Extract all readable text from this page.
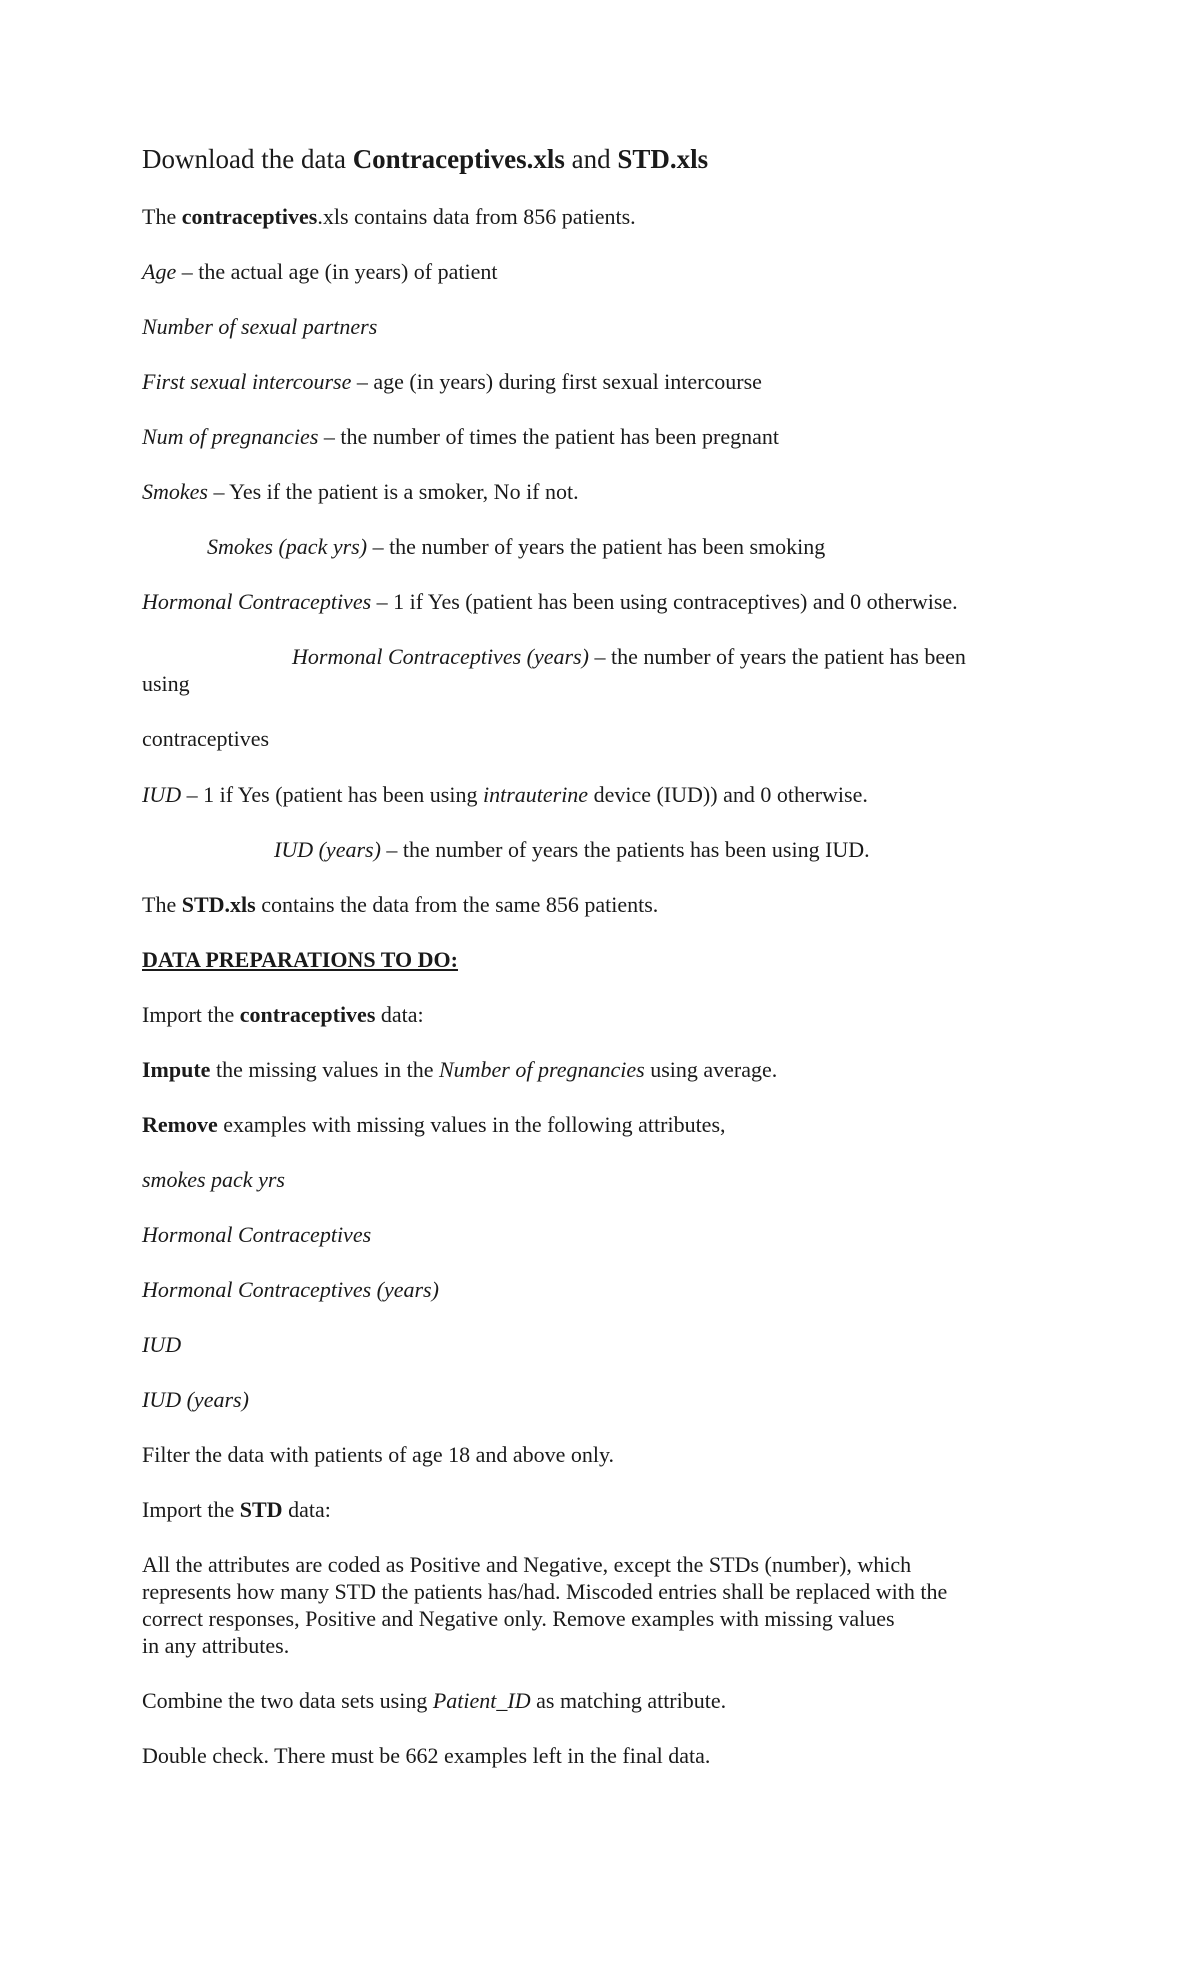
Download the data Contraceptives.xls and STD.xls

The contraceptives.xls contains data from 856 patients.

Age – the actual age (in years) of patient

Number of sexual partners

First sexual intercourse – age (in years) during first sexual intercourse

Num of pregnancies – the number of times the patient has been pregnant

Smokes – Yes if the patient is a smoker, No if not.

Smokes (pack yrs) – the number of years the patient has been smoking

Hormonal Contraceptives – 1 if Yes (patient has been using contraceptives) and 0 otherwise.

Hormonal Contraceptives (years) – the number of years the patient has been

using

contraceptives

IUD – 1 if Yes (patient has been using intrauterine device (IUD)) and 0 otherwise.

IUD (years) – the number of years the patients has been using IUD.

The STD.xls contains the data from the same 856 patients.

DATA PREPARATIONS TO DO:

Import the contraceptives data:

Impute the missing values in the Number of pregnancies using average.

Remove examples with missing values in the following attributes,

smokes pack yrs

Hormonal Contraceptives

Hormonal Contraceptives (years)

IUD

IUD (years)

Filter the data with patients of age 18 and above only.

Import the STD data:

All the attributes are coded as Positive and Negative, except the STDs (number), which

represents how many STD the patients has/had. Miscoded entries shall be replaced with the

correct responses, Positive and Negative only. Remove examples with missing values

in any attributes.

Combine the two data sets using Patient_ID as matching attribute.

Double check. There must be 662 examples left in the final data.
